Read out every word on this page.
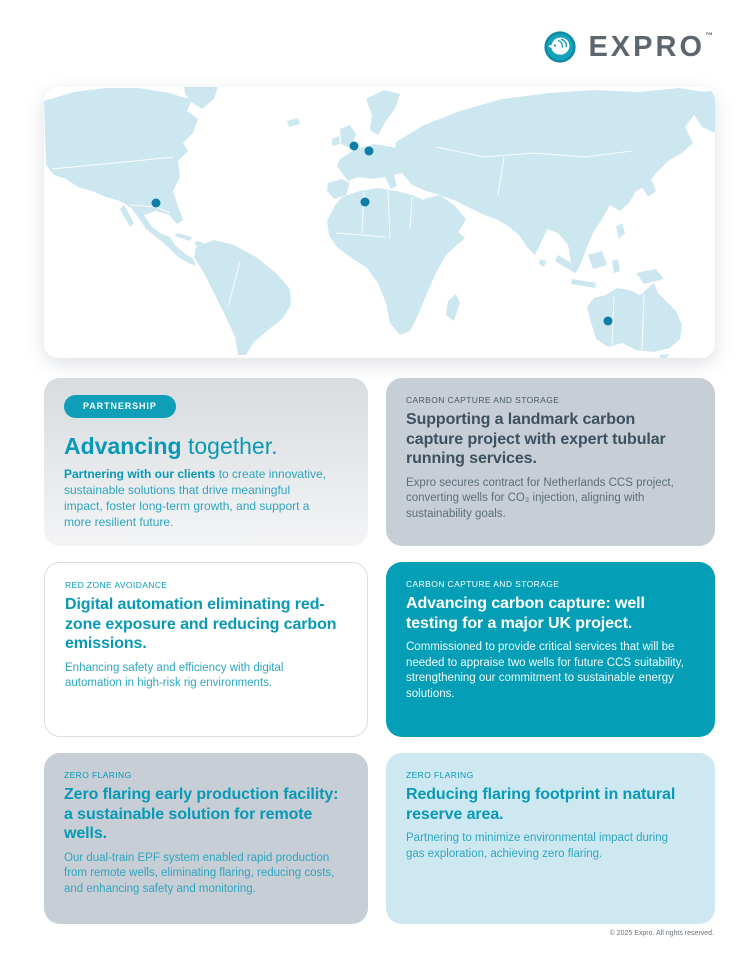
EXPRO™
PARTNERSHIP
Advancing together.

Partnering with our clients to create innovative, sustainable solutions that drive meaningful impact, foster long-term growth, and support a more resilient future.

CARBON CAPTURE AND STORAGE

Supporting a landmark carbon capture project with expert tubular running services.

Expro secures contract for Netherlands CCS project, converting wells for CO₂ injection, aligning with sustainability goals.

RED ZONE AVOIDANCE

Digital automation eliminating red-zone exposure and reducing carbon emissions.

Enhancing safety and efficiency with digital automation in high-risk rig environments.

CARBON CAPTURE AND STORAGE

Advancing carbon capture: well testing for a major UK project.

Commissioned to provide critical services that will be needed to appraise two wells for future CCS suitability, strengthening our commitment to sustainable energy solutions.

ZERO FLARING

Zero flaring early production facility: a sustainable solution for remote wells.

Our dual-train EPF system enabled rapid production from remote wells, eliminating flaring, reducing costs, and enhancing safety and monitoring.

ZERO FLARING

Reducing flaring footprint in natural reserve area.

Partnering to minimize environmental impact during gas exploration, achieving zero flaring.

© 2025 Expro. All rights reserved.
